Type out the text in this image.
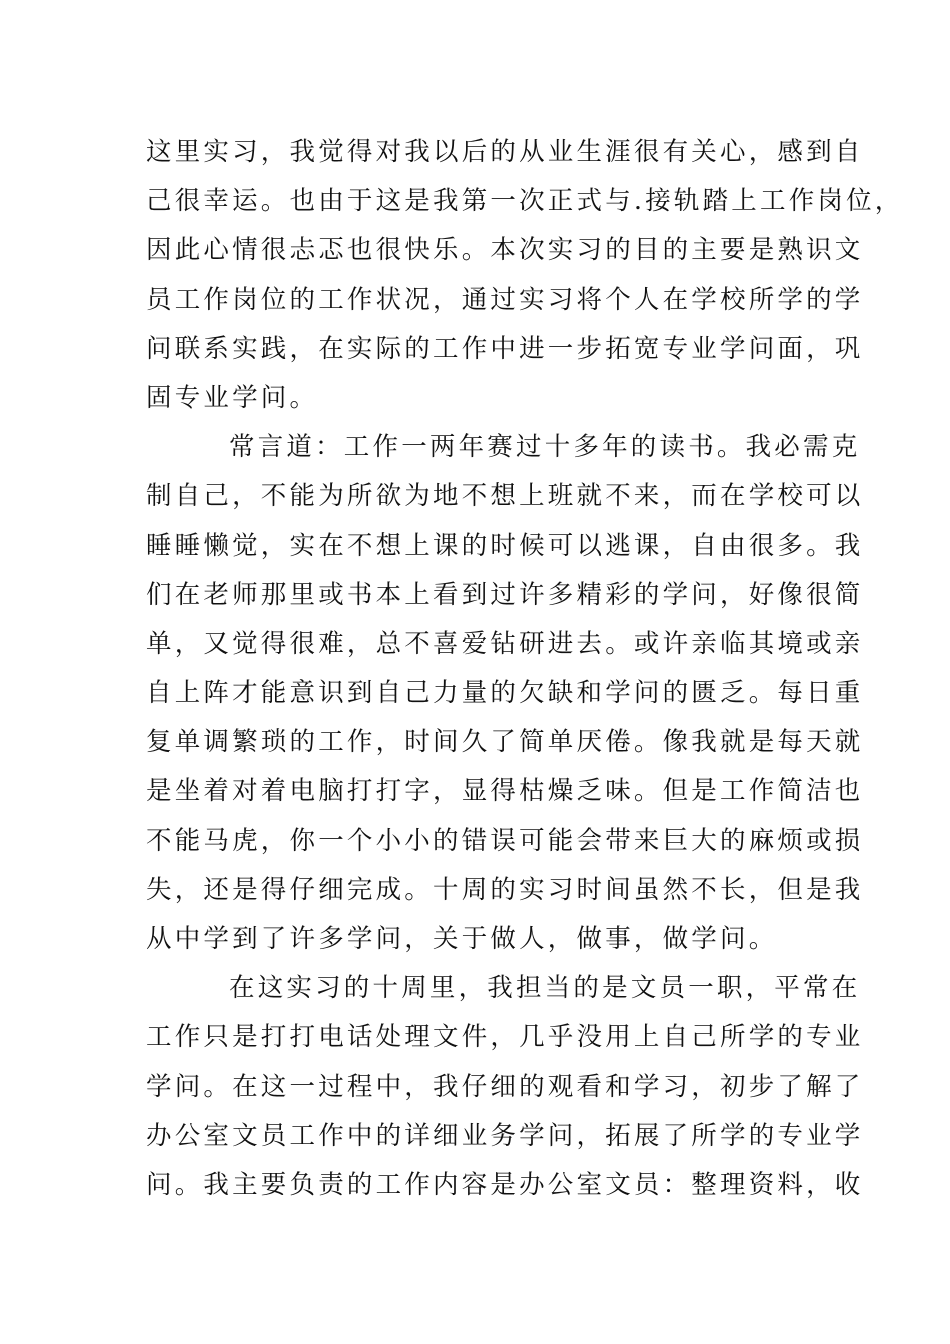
这里实习，我觉得对我以后的从业生涯很有关心，感到自
己很幸运。也由于这是我第一次正式与.接轨踏上工作岗位，
因此心情很忐忑也很快乐。本次实习的目的主要是熟识文
员工作岗位的工作状况，通过实习将个人在学校所学的学
问联系实践，在实际的工作中进一步拓宽专业学问面，巩
固专业学问。

常言道：工作一两年赛过十多年的读书。我必需克
制自己，不能为所欲为地不想上班就不来，而在学校可以
睡睡懒觉，实在不想上课的时候可以逃课，自由很多。我
们在老师那里或书本上看到过许多精彩的学问，好像很简
单，又觉得很难，总不喜爱钻研进去。或许亲临其境或亲
自上阵才能意识到自己力量的欠缺和学问的匮乏。每日重
复单调繁琐的工作，时间久了简单厌倦。像我就是每天就
是坐着对着电脑打打字，显得枯燥乏味。但是工作简洁也
不能马虎，你一个小小的错误可能会带来巨大的麻烦或损
失，还是得仔细完成。十周的实习时间虽然不长，但是我
从中学到了许多学问，关于做人，做事，做学问。

在这实习的十周里，我担当的是文员一职，平常在
工作只是打打电话处理文件，几乎没用上自己所学的专业
学问。在这一过程中，我仔细的观看和学习，初步了解了
办公室文员工作中的详细业务学问，拓展了所学的专业学
问。我主要负责的工作内容是办公室文员：整理资料，收
